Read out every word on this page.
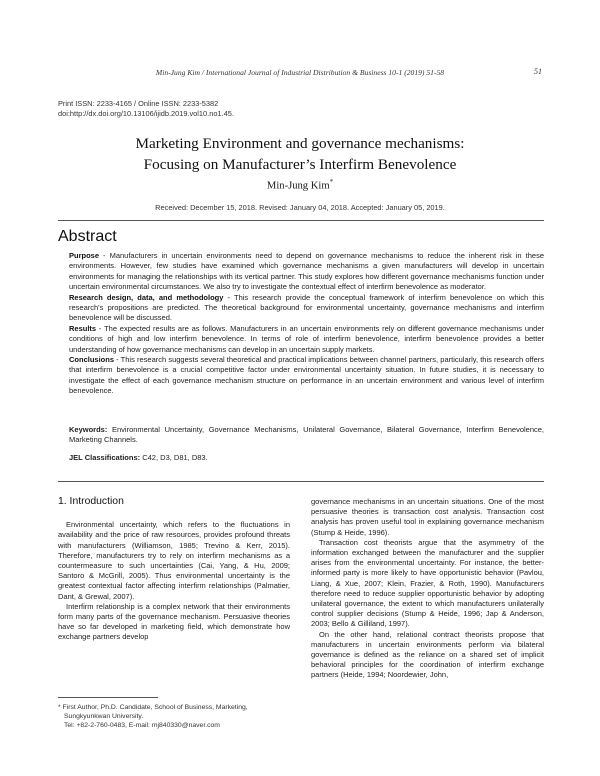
Min-Jung Kim / International Journal of Industrial Distribution & Business 10-1 (2019) 51-58	51
Print ISSN: 2233-4165 / Online ISSN: 2233-5382
doi:http://dx.doi.org/10.13106/ijidb.2019.vol10.no1.45.
Marketing Environment and governance mechanisms:
Focusing on Manufacturer’s Interfirm Benevolence
Min-Jung Kim*
Received: December 15, 2018. Revised: January 04, 2018. Accepted: January 05, 2019.
Abstract

Purpose - Manufacturers in uncertain environments need to depend on governance mechanisms to reduce the inherent risk in these environments. However, few studies have examined which governance mechanisms a given manufacturers will develop in uncertain environments for managing the relationships with its vertical partner. This study explores how different governance mechanisms function under uncertain environmental circumstances. We also try to investigate the contextual effect of interfirm benevolence as moderator.

Research design, data, and methodology - This research provide the conceptual framework of interfirm benevolence on which this research's propositions are predicted. The theoretical background for environmental uncertainty, governance mechanisms and interfirm benevolence will be discussed.

Results - The expected results are as follows. Manufacturers in an uncertain environments rely on different governance mechanisms under conditions of high and low interfirm benevolence. In terms of role of interfirm benevolence, interfirm benevolence provides a better understanding of how governance mechanisms can develop in an uncertain supply markets.

Conclusions - This research suggests several theoretical and practical implications between channel partners, particularly, this research offers that interfirm benevolence is a crucial competitive factor under environmental uncertainty situation. In future studies, it is necessary to investigate the effect of each governance mechanism structure on performance in an uncertain environment and various level of interfirm benevolence.

Keywords: Environmental Uncertainty, Governance Mechanisms, Unilateral Governance, Bilateral Governance, Interfirm Benevolence, Marketing Channels.
JEL Classifications: C42, D3, D81, D83.
1. Introduction

Environmental uncertainty, which refers to the fluctuations in availability and the price of raw resources, provides profound threats with manufacturers (Williamson, 1985; Trevino & Kerr, 2015). Therefore, manufacturers try to rely on interfirm mechanisms as a countermeasure to such uncertainties (Cai, Yang, & Hu, 2009; Santoro & McGrill, 2005). Thus environmental uncertainty is the greatest contextual factor affecting interfirm relationships (Palmatier, Dant, & Grewal, 2007).

Interfirm relationship is a complex network that their environments form many parts of the governance mechanism. Persuasive theories have so far developed in marketing field, which demonstrate how exchange partners develop

governance mechanisms in an uncertain situations. One of the most persuasive theories is transaction cost analysis. Transaction cost analysis has proven useful tool in explaining governance mechanism (Stump & Heide, 1996).

Transaction cost theorists argue that the asymmetry of the information exchanged between the manufacturer and the supplier arises from the environmental uncertainty. For instance, the better-informed party is more likely to have opportunistic behavior (Pavlou, Liang, & Xue, 2007; Klein, Frazier, & Roth, 1990). Manufacturers therefore need to reduce supplier opportunistic behavior by adopting unilateral governance, the extent to which manufacturers unilaterally control supplier decisions (Stump & Heide, 1996; Jap & Anderson, 2003; Bello & Gilliland, 1997).

On the other hand, relational contract theorists propose that manufacturers in uncertain environments perform via bilateral governance is defined as the reliance on a shared set of implicit behavioral principles for the coordination of interfirm exchange partners (Heide, 1994; Noordewier, John,

* First Author, Ph.D. Candidate, School of Business, Marketing,
Sungkyunkwan University.
Tel: +82-2-760-0483, E-mail: mj840330@naver.com
